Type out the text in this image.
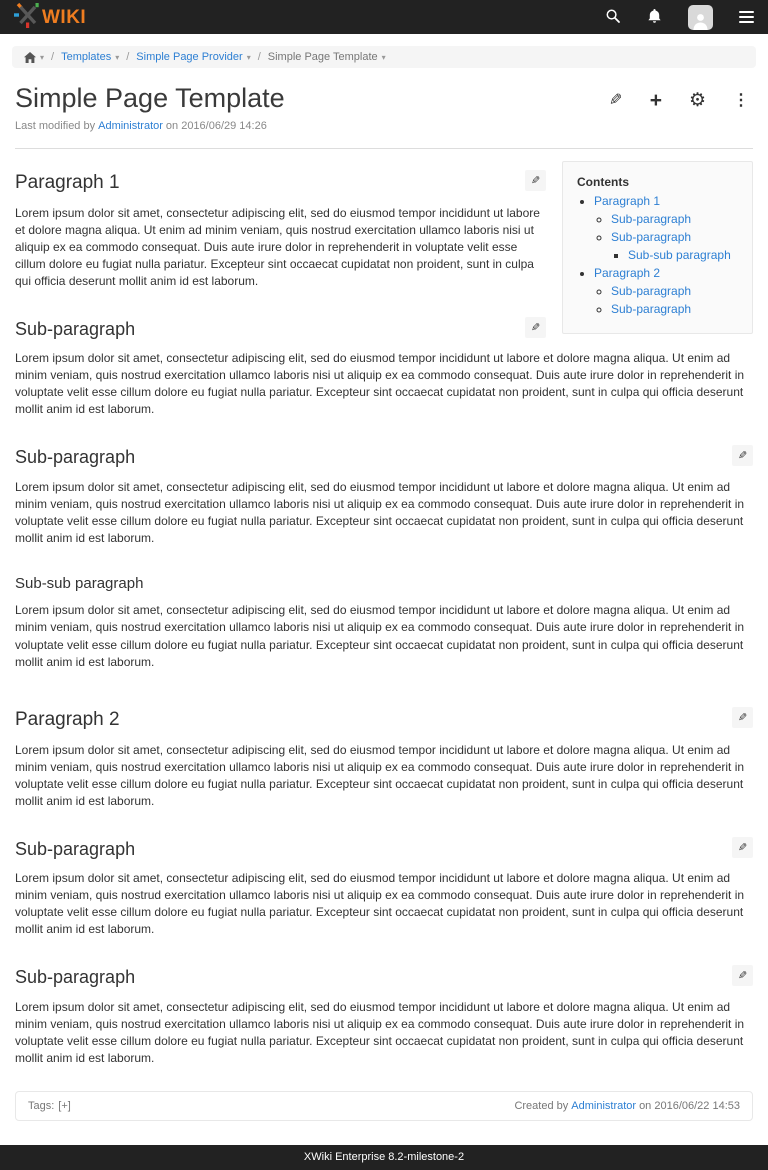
WIKI
▾ / Templates ▾ / Simple Page Provider ▾ / Simple Page Template ▾
Simple Page Template	✎ + ⚙ ⋮

Last modified by Administrator on 2016/06/29 14:26

Contents
• Paragraph 1
◦ Sub-paragraph
◦ Sub-paragraph
▪ Sub-sub paragraph
• Paragraph 2
◦ Sub-paragraph
◦ Sub-paragraph
✎
Paragraph 1

Lorem ipsum dolor sit amet, consectetur adipiscing elit, sed do eiusmod tempor incididunt ut labore et dolore magna aliqua. Ut enim ad minim veniam, quis nostrud exercitation ullamco laboris nisi ut aliquip ex ea commodo consequat. Duis aute irure dolor in reprehenderit in voluptate velit esse cillum dolore eu fugiat nulla pariatur. Excepteur sint occaecat cupidatat non proident, sunt in culpa qui officia deserunt mollit anim id est laborum.

✎
Sub-paragraph

Lorem ipsum dolor sit amet, consectetur adipiscing elit, sed do eiusmod tempor incididunt ut labore et dolore magna aliqua. Ut enim ad minim veniam, quis nostrud exercitation ullamco laboris nisi ut aliquip ex ea commodo consequat. Duis aute irure dolor in reprehenderit in voluptate velit esse cillum dolore eu fugiat nulla pariatur. Excepteur sint occaecat cupidatat non proident, sunt in culpa qui officia deserunt mollit anim id est laborum.

✎
Sub-paragraph

Lorem ipsum dolor sit amet, consectetur adipiscing elit, sed do eiusmod tempor incididunt ut labore et dolore magna aliqua. Ut enim ad minim veniam, quis nostrud exercitation ullamco laboris nisi ut aliquip ex ea commodo consequat. Duis aute irure dolor in reprehenderit in voluptate velit esse cillum dolore eu fugiat nulla pariatur. Excepteur sint occaecat cupidatat non proident, sunt in culpa qui officia deserunt mollit anim id est laborum.

Sub-sub paragraph

Lorem ipsum dolor sit amet, consectetur adipiscing elit, sed do eiusmod tempor incididunt ut labore et dolore magna aliqua. Ut enim ad minim veniam, quis nostrud exercitation ullamco laboris nisi ut aliquip ex ea commodo consequat. Duis aute irure dolor in reprehenderit in voluptate velit esse cillum dolore eu fugiat nulla pariatur. Excepteur sint occaecat cupidatat non proident, sunt in culpa qui officia deserunt mollit anim id est laborum.

✎
Paragraph 2

Lorem ipsum dolor sit amet, consectetur adipiscing elit, sed do eiusmod tempor incididunt ut labore et dolore magna aliqua. Ut enim ad minim veniam, quis nostrud exercitation ullamco laboris nisi ut aliquip ex ea commodo consequat. Duis aute irure dolor in reprehenderit in voluptate velit esse cillum dolore eu fugiat nulla pariatur. Excepteur sint occaecat cupidatat non proident, sunt in culpa qui officia deserunt mollit anim id est laborum.

✎
Sub-paragraph

Lorem ipsum dolor sit amet, consectetur adipiscing elit, sed do eiusmod tempor incididunt ut labore et dolore magna aliqua. Ut enim ad minim veniam, quis nostrud exercitation ullamco laboris nisi ut aliquip ex ea commodo consequat. Duis aute irure dolor in reprehenderit in voluptate velit esse cillum dolore eu fugiat nulla pariatur. Excepteur sint occaecat cupidatat non proident, sunt in culpa qui officia deserunt mollit anim id est laborum.

✎
Sub-paragraph

Lorem ipsum dolor sit amet, consectetur adipiscing elit, sed do eiusmod tempor incididunt ut labore et dolore magna aliqua. Ut enim ad minim veniam, quis nostrud exercitation ullamco laboris nisi ut aliquip ex ea commodo consequat. Duis aute irure dolor in reprehenderit in voluptate velit esse cillum dolore eu fugiat nulla pariatur. Excepteur sint occaecat cupidatat non proident, sunt in culpa qui officia deserunt mollit anim id est laborum.

Tags: [+]	Created by Administrator on 2016/06/22 14:53
XWiki Enterprise 8.2-milestone-2
